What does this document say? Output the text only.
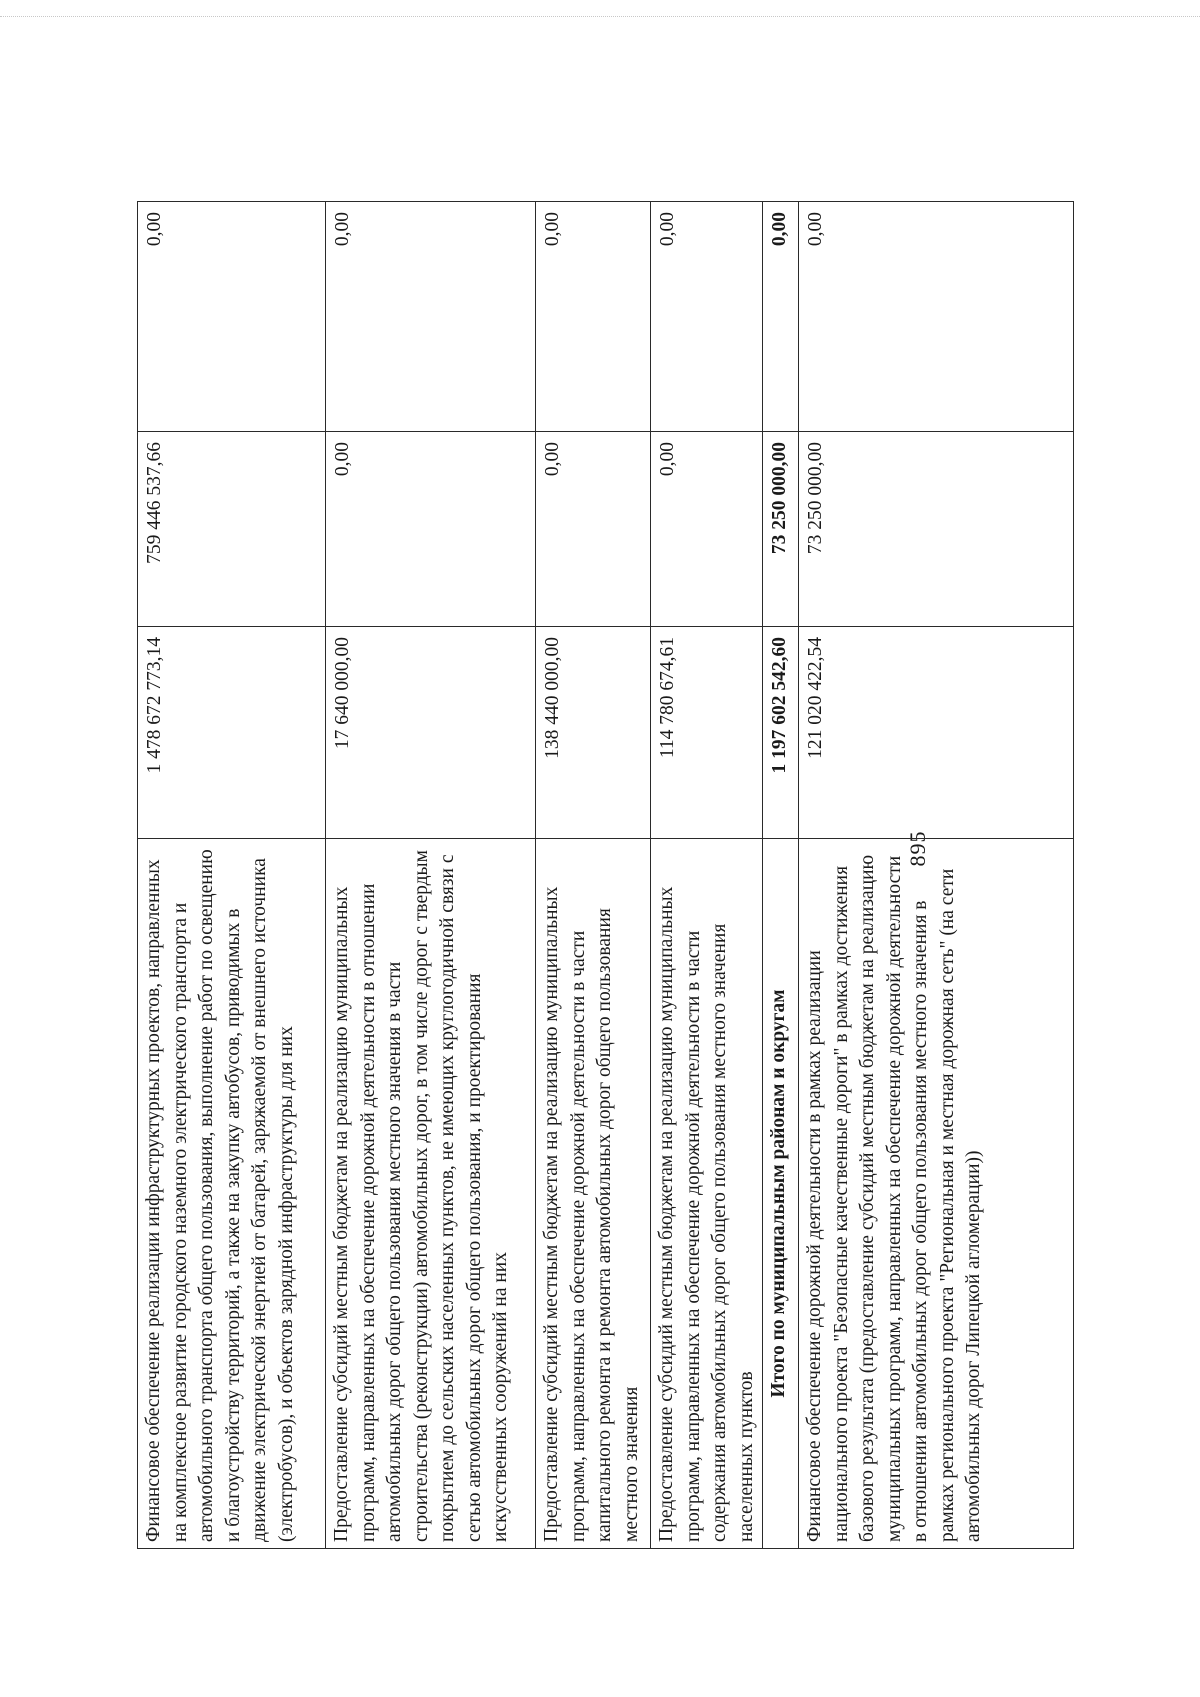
895
Финансовое обеспечение реализации инфраструктурных проектов, направленных на комплексное развитие городского наземного электрического транспорта и автомобильного транспорта общего пользования, выполнение работ по освещению и благоустройству территорий, а также на закупку автобусов, приводимых в движение электрической энергией от батарей, заряжаемой от внешнего источника (электробусов), и объектов зарядной инфраструктуры для них	1 478 672 773,14	759 446 537,66	0,00
Предоставление субсидий местным бюджетам на реализацию муниципальных программ, направленных на обеспечение дорожной деятельности в отношении автомобильных дорог общего пользования местного значения в части строительства (реконструкции) автомобильных дорог, в том числе дорог с твердым покрытием до сельских населенных пунктов, не имеющих круглогодичной связи с сетью автомобильных дорог общего пользования, и проектирования искусственных сооружений на них	17 640 000,00	0,00	0,00
Предоставление субсидий местным бюджетам на реализацию муниципальных программ, направленных на обеспечение дорожной деятельности в части капитального ремонта и ремонта автомобильных дорог общего пользования местного значения	138 440 000,00	0,00	0,00
Предоставление субсидий местным бюджетам на реализацию муниципальных программ, направленных на обеспечение дорожной деятельности в части содержания автомобильных дорог общего пользования местного значения населенных пунктов	114 780 674,61	0,00	0,00
Итого по муниципальным районам и округам	1 197 602 542,60	73 250 000,00	0,00
Финансовое обеспечение дорожной деятельности в рамках реализации национального проекта "Безопасные качественные дороги" в рамках достижения базового результата (предоставление субсидий местным бюджетам на реализацию муниципальных программ, направленных на обеспечение дорожной деятельности в отношении автомобильных дорог общего пользования местного значения в рамках регионального проекта "Региональная и местная дорожная сеть" (на сети автомобильных дорог Липецкой агломерации))	121 020 422,54	73 250 000,00	0,00
